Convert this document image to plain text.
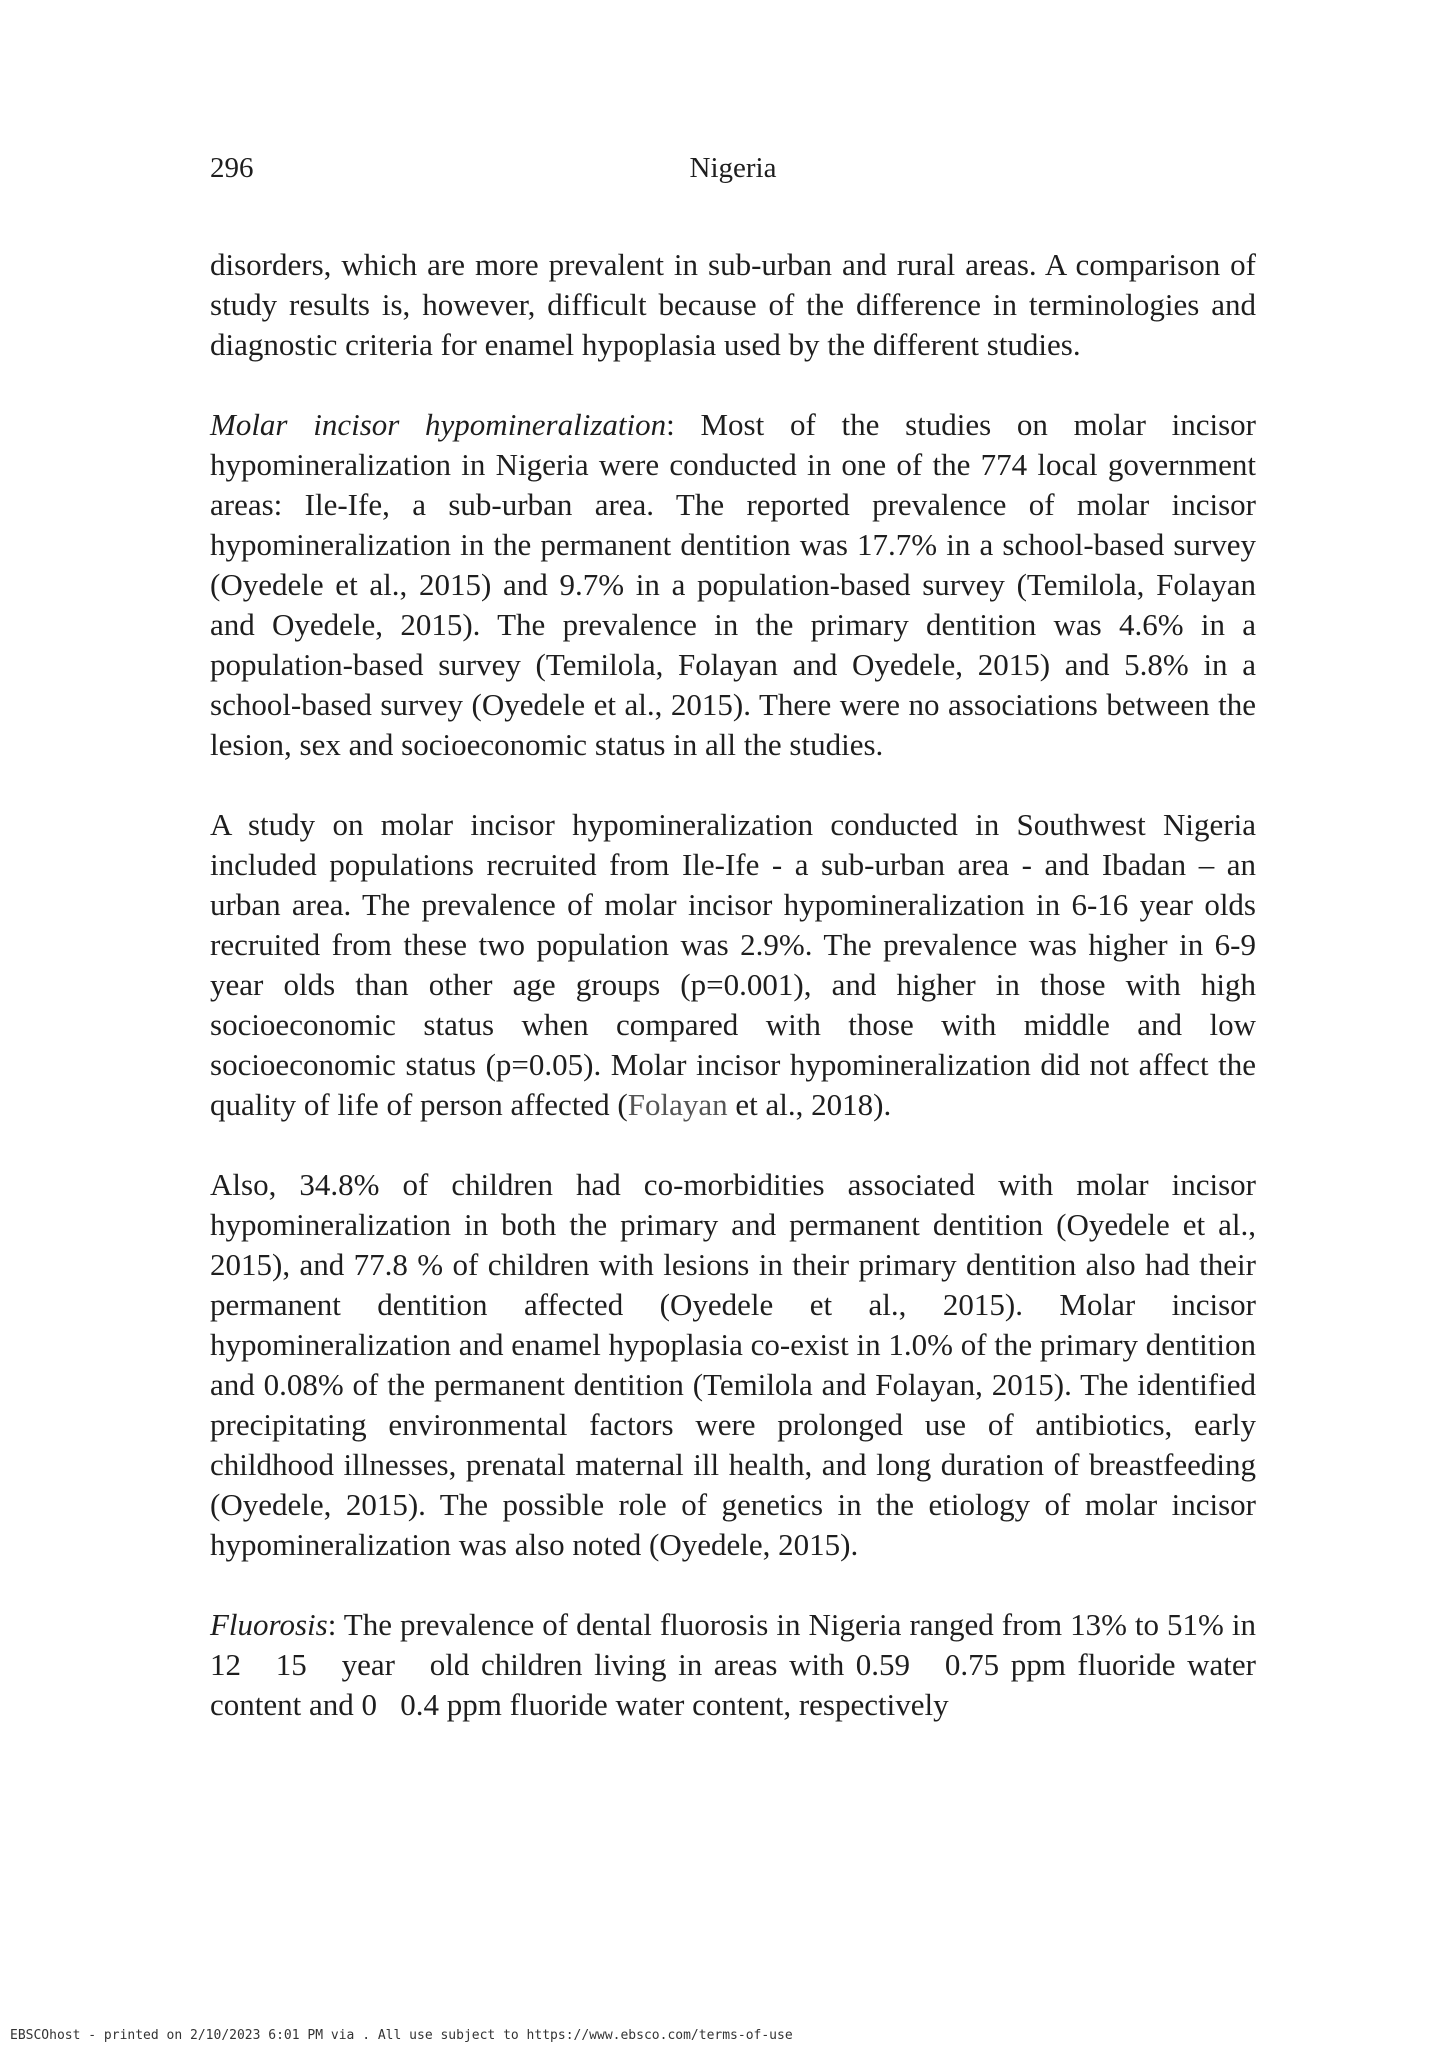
296	Nigeria

disorders, which are more prevalent in sub-urban and rural areas. A comparison of study results is, however, difficult because of the difference in terminologies and diagnostic criteria for enamel hypoplasia used by the different studies.

Molar incisor hypomineralization: Most of the studies on molar incisor hypomineralization in Nigeria were conducted in one of the 774 local government areas: Ile-Ife, a sub-urban area. The reported prevalence of molar incisor hypomineralization in the permanent dentition was 17.7% in a school-based survey (Oyedele et al., 2015) and 9.7% in a population-based survey (Temilola, Folayan and Oyedele, 2015). The prevalence in the primary dentition was 4.6% in a population-based survey (Temilola, Folayan and Oyedele, 2015) and 5.8% in a school-based survey (Oyedele et al., 2015). There were no associations between the lesion, sex and socioeconomic status in all the studies.

A study on molar incisor hypomineralization conducted in Southwest Nigeria included populations recruited from Ile-Ife - a sub-urban area - and Ibadan – an urban area. The prevalence of molar incisor hypomineralization in 6-16 year olds recruited from these two population was 2.9%. The prevalence was higher in 6-9 year olds than other age groups (p=0.001), and higher in those with high socioeconomic status when compared with those with middle and low socioeconomic status (p=0.05). Molar incisor hypomineralization did not affect the quality of life of person affected (Folayan et al., 2018).

Also, 34.8% of children had co-morbidities associated with molar incisor hypomineralization in both the primary and permanent dentition (Oyedele et al., 2015), and 77.8 % of children with lesions in their primary dentition also had their permanent dentition affected (Oyedele et al., 2015). Molar incisor hypomineralization and enamel hypoplasia co-exist in 1.0% of the primary dentition and 0.08% of the permanent dentition (Temilola and Folayan, 2015). The identified precipitating environmental factors were prolonged use of antibiotics, early childhood illnesses, prenatal maternal ill health, and long duration of breastfeeding (Oyedele, 2015). The possible role of genetics in the etiology of molar incisor hypomineralization was also noted (Oyedele, 2015).

Fluorosis: The prevalence of dental fluorosis in Nigeria ranged from 13% to 51% in 12   15   year   old children living in areas with 0.59   0.75 ppm fluoride water content and 0   0.4 ppm fluoride water content, respectively

EBSCOhost - printed on 2/10/2023 6:01 PM via . All use subject to https://www.ebsco.com/terms-of-use
